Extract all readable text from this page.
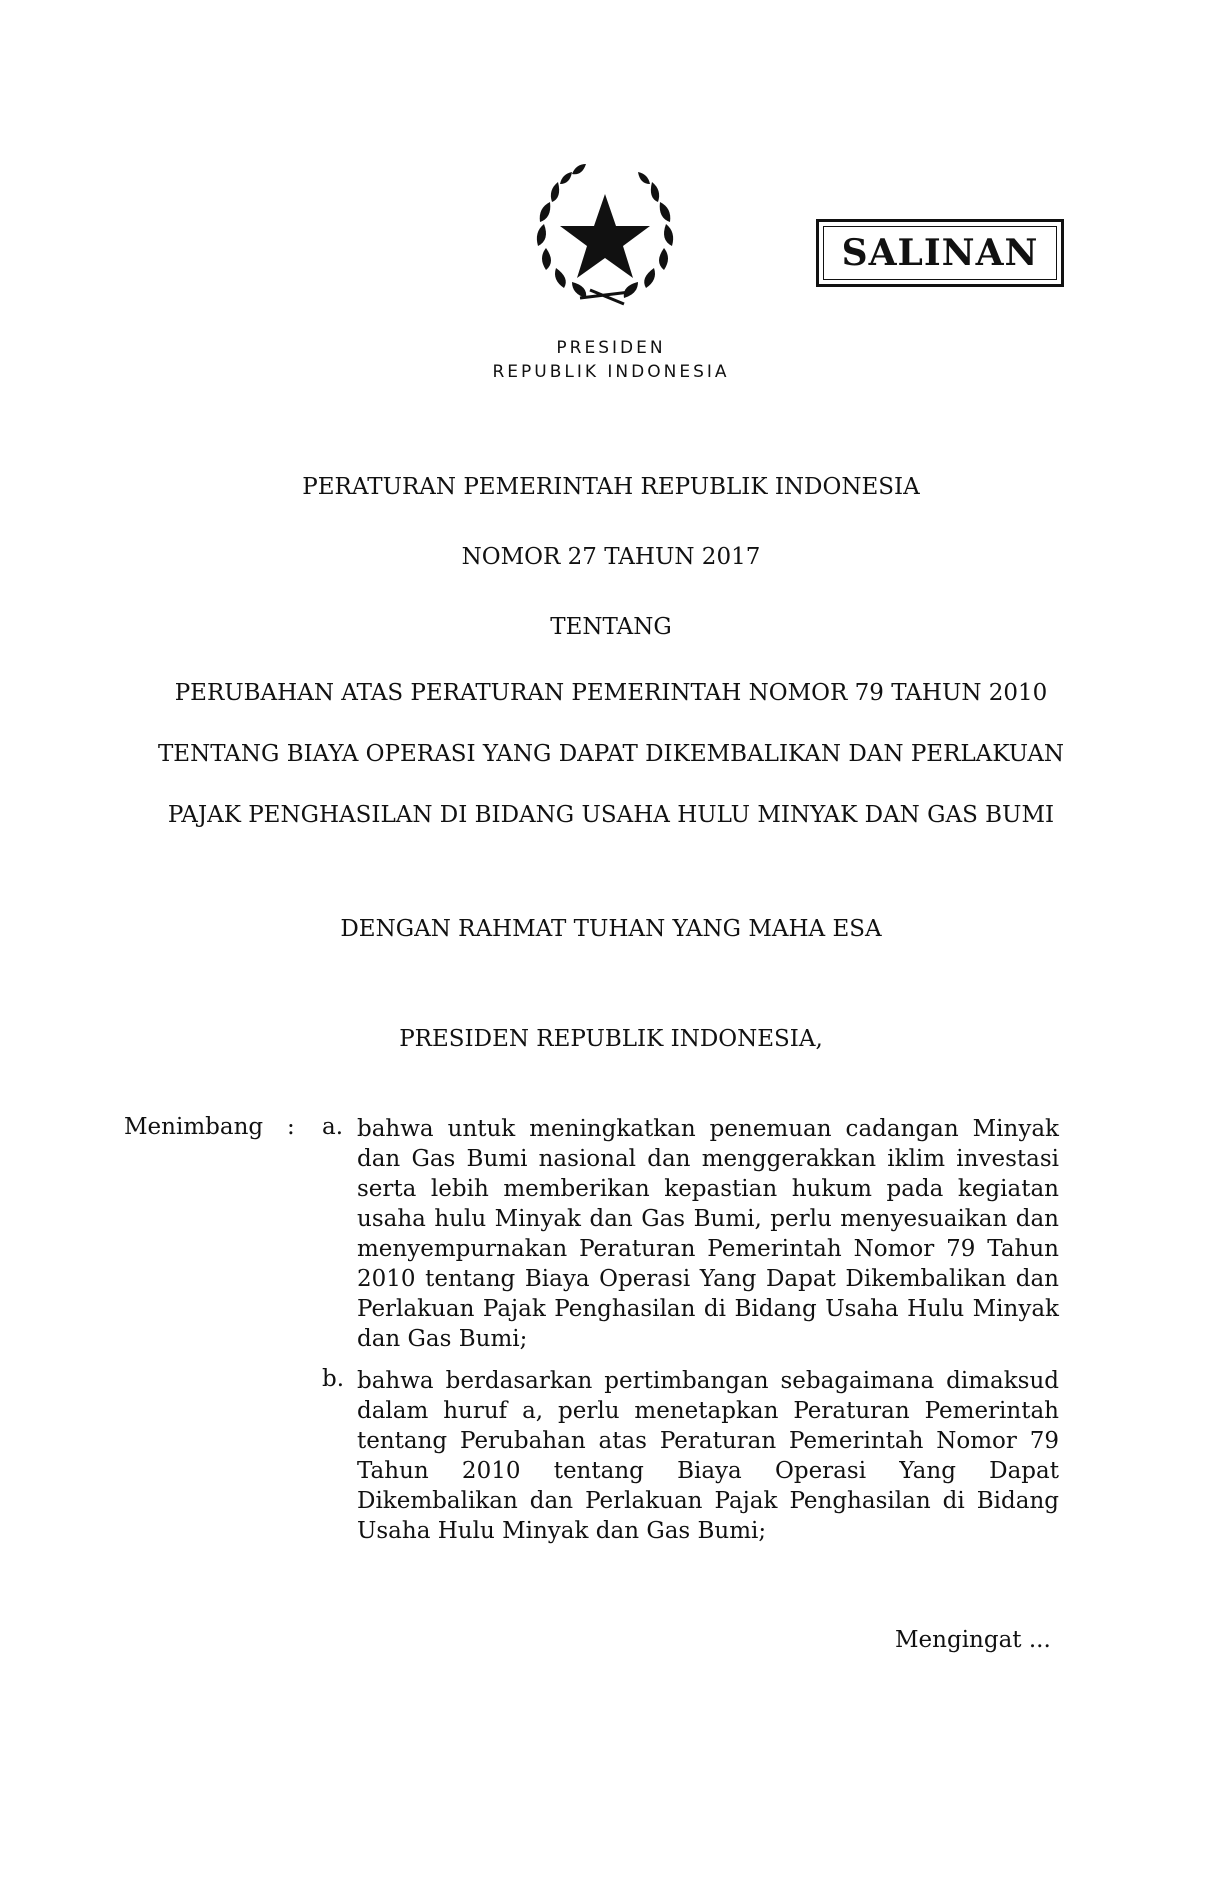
SALINAN
PRESIDEN
REPUBLIK INDONESIA
PERATURAN PEMERINTAH REPUBLIK INDONESIA
NOMOR 27 TAHUN 2017
TENTANG
PERUBAHAN ATAS PERATURAN PEMERINTAH NOMOR 79 TAHUN 2010
TENTANG BIAYA OPERASI YANG DAPAT DIKEMBALIKAN DAN PERLAKUAN
PAJAK PENGHASILAN DI BIDANG USAHA HULU MINYAK DAN GAS BUMI
DENGAN RAHMAT TUHAN YANG MAHA ESA
PRESIDEN REPUBLIK INDONESIA,
Menimbang : a. bahwa untuk meningkatkan penemuan cadangan Minyak dan Gas Bumi nasional dan menggerakkan iklim investasi serta lebih memberikan kepastian hukum pada kegiatan usaha hulu Minyak dan Gas Bumi, perlu menyesuaikan dan menyempurnakan Peraturan Pemerintah Nomor 79 Tahun 2010 tentang Biaya Operasi Yang Dapat Dikembalikan dan Perlakuan Pajak Penghasilan di Bidang Usaha Hulu Minyak dan Gas Bumi;
b. bahwa berdasarkan pertimbangan sebagaimana dimaksud dalam huruf a, perlu menetapkan Peraturan Pemerintah tentang Perubahan atas Peraturan Pemerintah Nomor 79 Tahun 2010 tentang Biaya Operasi Yang Dapat Dikembalikan dan Perlakuan Pajak Penghasilan di Bidang Usaha Hulu Minyak dan Gas Bumi;
Mengingat ...
